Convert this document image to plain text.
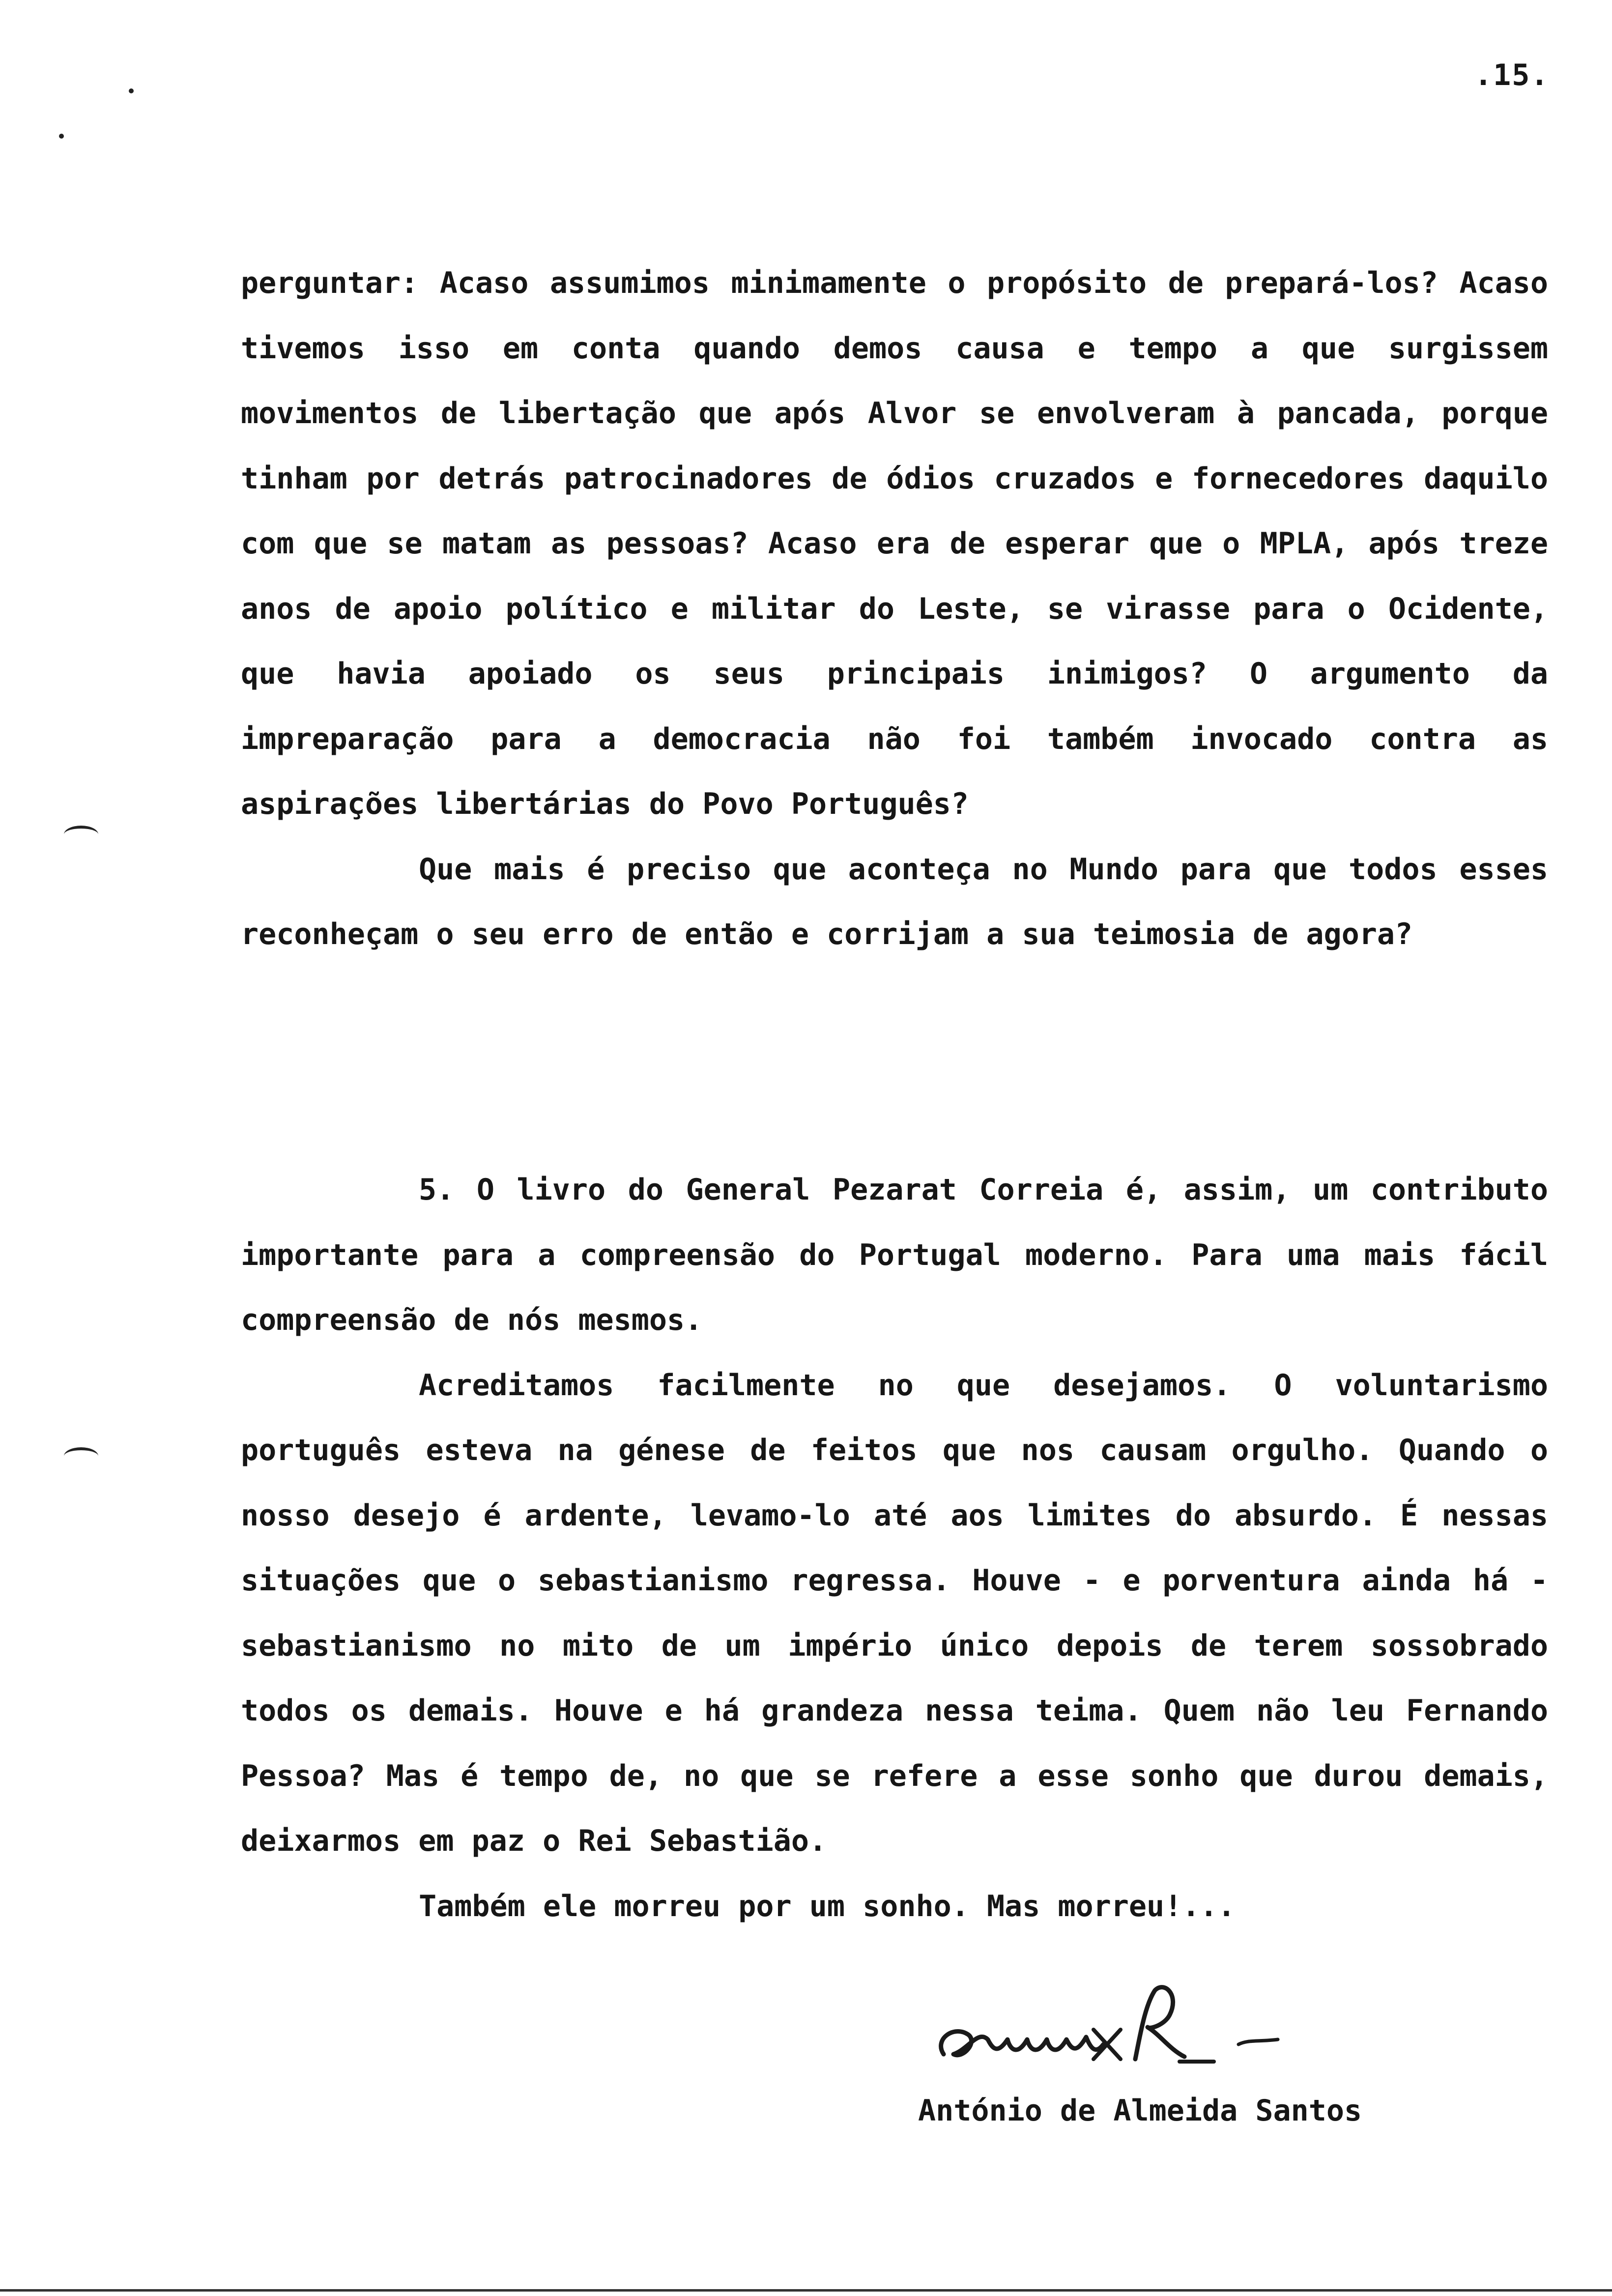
.15.

perguntar: Acaso assumimos minimamente o propósito de prepará-los? Acaso tivemos isso em conta quando demos causa e tempo a que surgissem movimentos de libertação que após Alvor se envolveram à pancada, porque tinham por detrás patrocinadores de ódios cruzados e fornecedores daquilo com que se matam as pessoas? Acaso era de esperar que o MPLA, após treze anos de apoio político e militar do Leste, se virasse para o Ocidente, que havia apoiado os seus principais inimigos? O argumento da impreparação para a democracia não foi também invocado contra as aspirações libertárias do Povo Português?

Que mais é preciso que aconteça no Mundo para que todos esses reconheçam o seu erro de então e corrijam a sua teimosia de agora?

5. O livro do General Pezarat Correia é, assim, um contributo importante para a compreensão do Portugal moderno. Para uma mais fácil compreensão de nós mesmos.

Acreditamos facilmente no que desejamos. O voluntarismo português esteva na génese de feitos que nos causam orgulho. Quando o nosso desejo é ardente, levamo-lo até aos limites do absurdo. É nessas situações que o sebastianismo regressa. Houve - e porventura ainda há - sebastianismo no mito de um império único depois de terem sossobrado todos os demais. Houve e há grandeza nessa teima. Quem não leu Fernando Pessoa? Mas é tempo de, no que se refere a esse sonho que durou demais, deixarmos em paz o Rei Sebastião.

Também ele morreu por um sonho. Mas morreu!...

António de Almeida Santos
